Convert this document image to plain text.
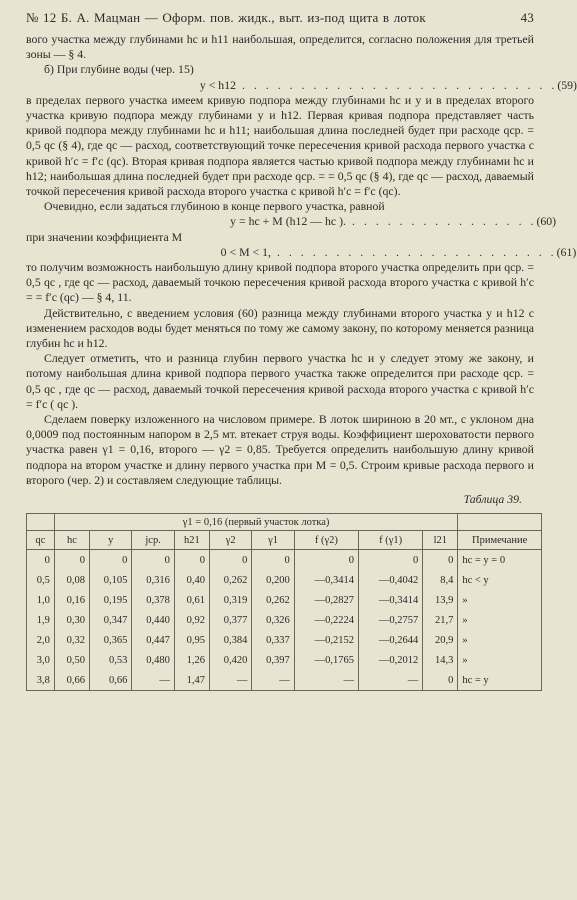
№ 12 Б. А. Мацман — Оформ. пов. жидк., выт. из-под щита в лоток	43

вого участка между глубинами hc и h11 наибольшая, определится, согласно положения для третьей зоны — § 4.

б) При глубине воды (чер. 15)

y < h12 . . . . . . . . . . . . . . . . . . . . . . . . . . . (59)

в пределах первого участка имеем кривую подпора между глубинами hc и y и в пределах второго участка кривую подпора между глубинами y и h12. Первая кривая подпора представляет часть кривой подпора между глубинами hc и h11; наибольшая длина последней будет при расходе qср. = 0,5 qc (§ 4), где qc — расход, соответствующий точке пересечения кривой расхода первого участка с кривой h′c = f′c (qc). Вторая кривая подпора является частью кривой подпора между глубинами hc и h12; наибольшая длина последней будет при расходе qср. = = 0,5 qc (§ 4), где qc — расход, даваемый точкой пересечения кривой расхода второго участка с кривой h′c = f′c (qc).

Очевидно, если задаться глубиною в конце первого участка, равной

y = hc + M (h12 — hc ). . . . . . . . . . . . . . . . . (60)

при значении коэффициента M

0 < M < 1, . . . . . . . . . . . . . . . . . . . . . . . . (61)

то получим возможность наибольшую длину кривой подпора второго участка определить при qср. = 0,5 qc , где qc — расход, даваемый точкою пересечения кривой расхода второго участка с кривой h′c = = f′c (qc) — § 4, 11.

Действительно, с введением условия (60) разница между глубинами второго участка y и h12 с изменением расходов воды будет меняться по тому же самому закону, по которому меняется разница глубин hc и h12.

Следует отметить, что и разница глубин первого участка hc и y следует этому же закону, и потому наибольшая длина кривой подпора первого участка также определится при расходе qср. = 0,5 qc , где qc — расход, даваемый точкой пересечения кривой расхода второго участка с кривой h′c = f′c ( qc ).

Сделаем поверку изложенного на числовом примере. В лоток шириною в 20 мт., с уклоном дна 0,0009 под постоянным напором в 2,5 мт. втекает струя воды. Коэффициент шероховатости первого участка равен γ1 = 0,16, второго — γ2 = 0,85. Требуется определить наибольшую длину кривой подпора на втором участке и длину первого участка при M = 0,5. Строим кривые расхода первого и второго (чер. 2) и составляем следующие таблицы.

Таблица 39.
	γ1 = 0,16 (первый участок лотка)									
qc	hc	y	jср.	h21	γ2	γ1	f (γ2)	f (γ1)	l21	Примечание
0	0	0	0	0	0	0	0	0	0	hc = y = 0
0,5	0,08	0,105	0,316	0,40	0,262	0,200	—0,3414	—0,4042	8,4	hc < y
1,0	0,16	0,195	0,378	0,61	0,319	0,262	—0,2827	—0,3414	13,9	»
1,9	0,30	0,347	0,440	0,92	0,377	0,326	—0,2224	—0,2757	21,7	»
2,0	0,32	0,365	0,447	0,95	0,384	0,337	—0,2152	—0,2644	20,9	»
3,0	0,50	0,53	0,480	1,26	0,420	0,397	—0,1765	—0,2012	14,3	»
3,8	0,66	0,66	—	1,47	—	—	—	—	0	hc = y
